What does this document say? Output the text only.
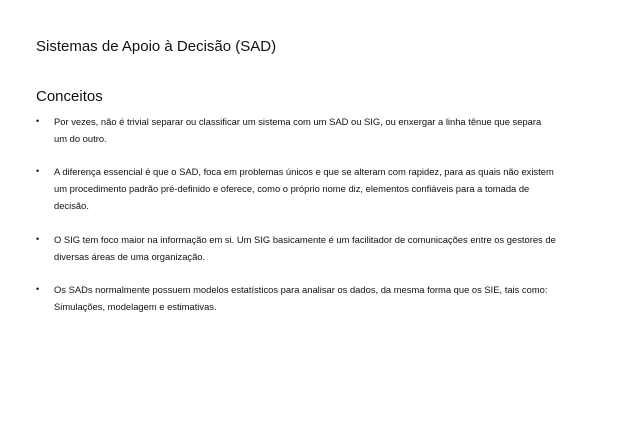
Sistemas de Apoio à Decisão (SAD)
Conceitos
• Por vezes, não é trivial separar ou classificar um sistema com um SAD ou SIG, ou enxergar a linha tênue que separa um do outro.
• A diferença essencial é que o SAD, foca em problemas únicos e que se alteram com rapidez, para as quais não existem um procedimento padrão pré-definido e oferece, como o próprio nome diz, elementos confiáveis para a tomada de decisão.
• O SIG tem foco maior na informação em si. Um SIG basicamente é um facilitador de comunicações entre os gestores de diversas áreas de uma organização.
• Os SADs normalmente possuem modelos estatísticos para analisar os dados, da mesma forma que os SIE, tais como: Simulações, modelagem e estimativas.
